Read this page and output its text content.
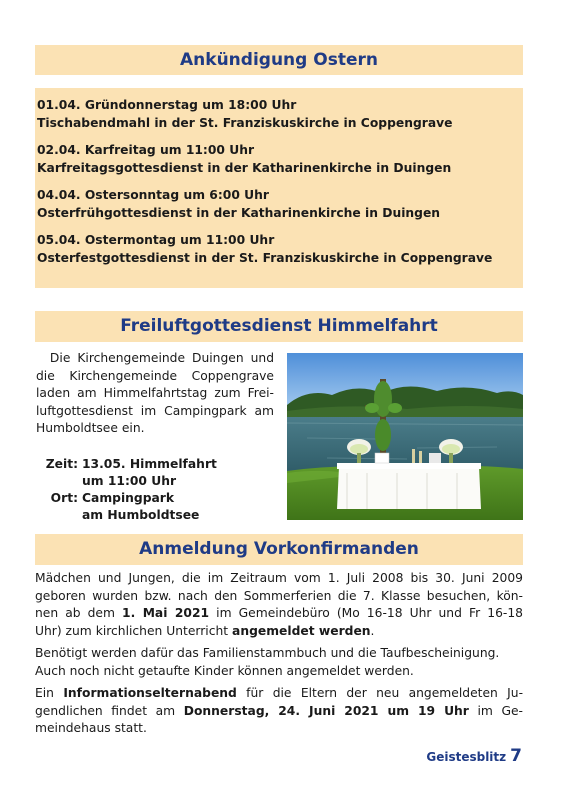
Ankündigung Ostern
01.04. Gründonnerstag um 18:00 Uhr
Tischabendmahl in der St. Franziskuskirche in Coppengrave
02.04. Karfreitag um 11:00 Uhr
Karfreitagsgottesdienst in der Katharinenkirche in Duingen
04.04. Ostersonntag um 6:00 Uhr
Osterfrühgottesdienst in der Katharinenkirche in Duingen
05.04. Ostermontag um 11:00 Uhr
Osterfestgottesdienst in der St. Franziskuskirche in Coppengrave
Freiluftgottesdienst Himmelfahrt
Die Kirchengemeinde Duingen und
die Kirchengemeinde Coppengrave
laden am Himmelfahrtstag zum Frei-
luftgottesdienst im Campingpark am
Humboldtsee ein.
Zeit: 13.05. Himmelfahrt
um 11:00 Uhr
Ort: Campingpark
am Humboldtsee
Anmeldung Vorkonfirmanden

Mädchen und Jungen, die im Zeitraum vom 1. Juli 2008 bis 30. Juni 2009
geboren wurden bzw. nach den Sommerferien die 7. Klasse besuchen, kön-
nen ab dem 1. Mai 2021 im Gemeindebüro (Mo 16-18 Uhr und Fr 16-18
Uhr) zum kirchlichen Unterricht angemeldet werden.

Benötigt werden dafür das Familienstammbuch und die Taufbescheinigung.
Auch noch nicht getaufte Kinder können angemeldet werden.

Ein Informationselternabend für die Eltern der neu angemeldeten Ju-
gendlichen findet am Donnerstag, 24. Juni 2021 um 19 Uhr im Ge-
meindehaus statt.

Geistesblitz 7
